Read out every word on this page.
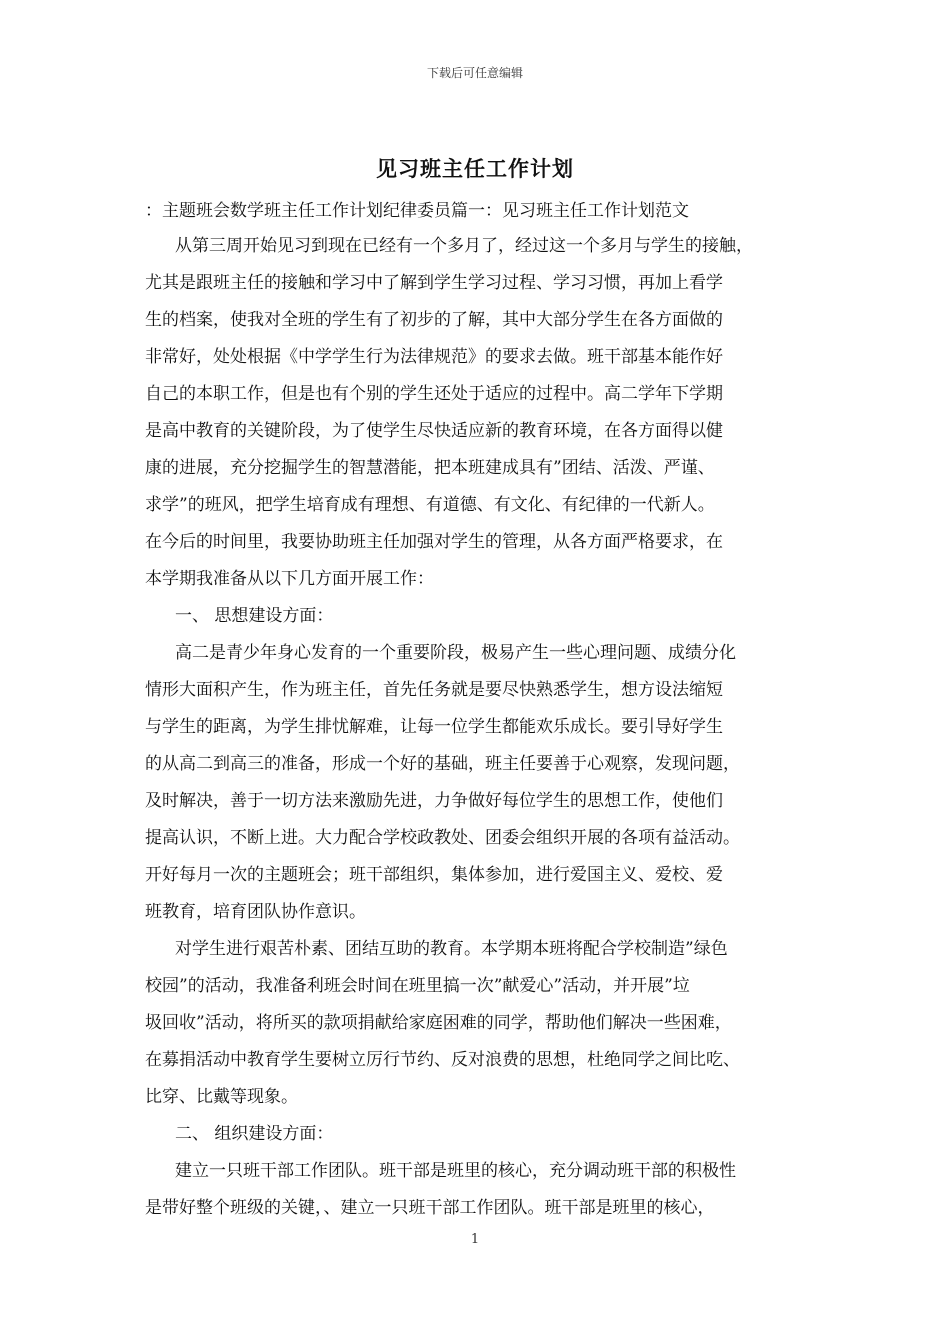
下载后可任意编辑
见习班主任工作计划
：主题班会数学班主任工作计划纪律委员篇一：见习班主任工作计划范文
从第三周开始见习到现在已经有一个多月了，经过这一个多月与学生的接触，
尤其是跟班主任的接触和学习中了解到学生学习过程、学习习惯，再加上看学
生的档案，使我对全班的学生有了初步的了解，其中大部分学生在各方面做的
非常好，处处根据《中学学生行为法律规范》的要求去做。班干部基本能作好
自己的本职工作，但是也有个别的学生还处于适应的过程中。高二学年下学期
是高中教育的关键阶段，为了使学生尽快适应新的教育环境，在各方面得以健
康的进展，充分挖掘学生的智慧潜能，把本班建成具有”团结、活泼、严谨、
求学”的班风，把学生培育成有理想、有道德、有文化、有纪律的一代新人。
在今后的时间里，我要协助班主任加强对学生的管理，从各方面严格要求，在
本学期我准备从以下几方面开展工作：
一、 思想建设方面：
高二是青少年身心发育的一个重要阶段，极易产生一些心理问题、成绩分化
情形大面积产生，作为班主任，首先任务就是要尽快熟悉学生，想方设法缩短
与学生的距离，为学生排忧解难，让每一位学生都能欢乐成长。要引导好学生
的从高二到高三的准备，形成一个好的基础，班主任要善于心观察，发现问题，
及时解决，善于一切方法来激励先进，力争做好每位学生的思想工作，使他们
提高认识，不断上进。大力配合学校政教处、团委会组织开展的各项有益活动。
开好每月一次的主题班会；班干部组织，集体参加，进行爱国主义、爱校、爱
班教育，培育团队协作意识。
对学生进行艰苦朴素、团结互助的教育。本学期本班将配合学校制造”绿色
校园”的活动，我准备利班会时间在班里搞一次”献爱心”活动，并开展”垃
圾回收”活动，将所买的款项捐献给家庭困难的同学，帮助他们解决一些困难，
在募捐活动中教育学生要树立厉行节约、反对浪费的思想，杜绝同学之间比吃、
比穿、比戴等现象。
二、 组织建设方面：
建立一只班干部工作团队。班干部是班里的核心，充分调动班干部的积极性
是带好整个班级的关键，、建立一只班干部工作团队。班干部是班里的核心，
1
